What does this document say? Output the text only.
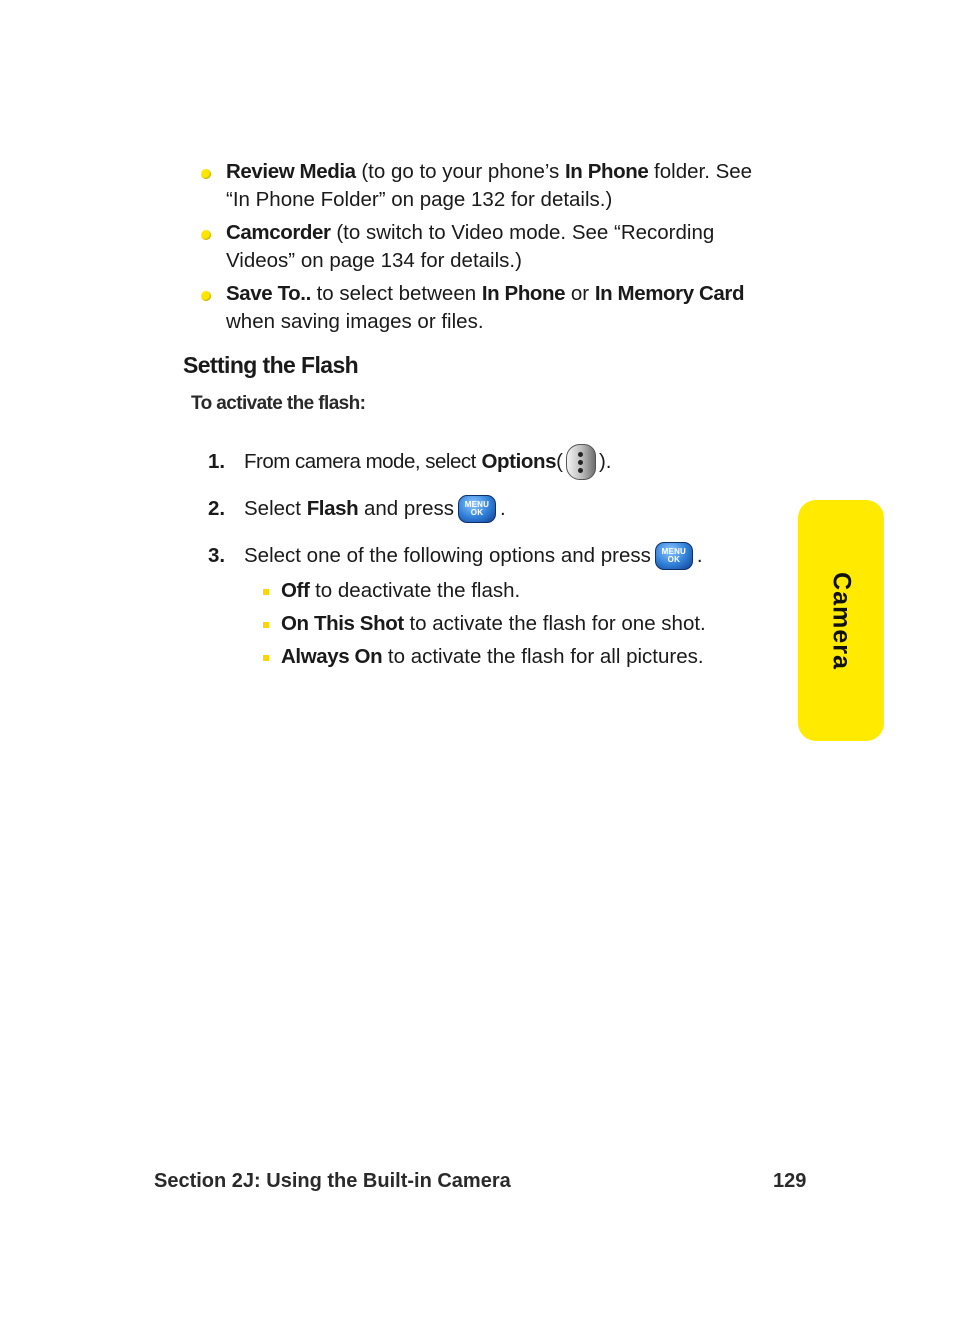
Review Media (to go to your phone’s In Phone folder. See “In Phone Folder” on page 132 for details.)
Camcorder (to switch to Video mode. See “Recording Videos” on page 134 for details.)
Save To.. to select between In Phone or In Memory Card when saving images or files.
Setting the Flash
To activate the flash:
1. From camera mode, select
Options ( ).
2. Select
Flash
and press MENU
OK .
3. Select one of the following options and press MENU
OK .
Off to deactivate the flash.
On This Shot to activate the flash for one shot.
Always On to activate the flash for all pictures.	Camera
Section 2J: Using the Built-in Camera	129
